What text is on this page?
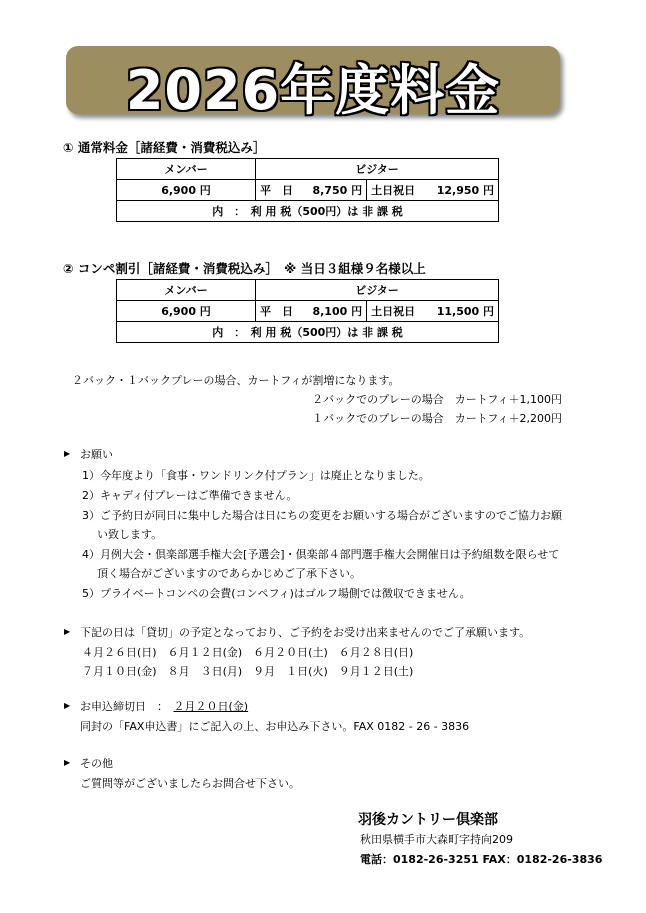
2026年度料金
① 通常料金［諸経費・消費税込み］
メンバー	ビジター			
6,900 円	平　日	8,750 円	土日祝日	12,950 円
内　：　利 用 税（500円）は 非 課 税				
② コンペ割引［諸経費・消費税込み］　※ 当日３組様９名様以上
メンバー	ビジター			
6,900 円	平　日	8,100 円	土日祝日	11,500 円
内　：　利 用 税（500円）は 非 課 税				
２バック・１バックプレーの場合、カートフィが割増になります。
２バックでのプレーの場合　カートフィ＋1,100円
１バックでのプレーの場合　カートフィ＋2,200円
▶ お願い
1）今年度より「食事・ワンドリンク付プラン」は廃止となりました。
2）キャディ付プレーはご準備できません。
3）ご予約日が同日に集中した場合は日にちの変更をお願いする場合がございますのでご協力お願
い致します。
4）月例大会・倶楽部選手権大会[予選会]・倶楽部４部門選手権大会開催日は予約組数を限らせて
頂く場合がございますのであらかじめご了承下さい。
5）プライベートコンペの会費(コンペフィ)はゴルフ場側では徴収できません。
▶ 下記の日は「貸切」の予定となっており、ご予約をお受け出来ませんのでご了承願います。
４月２６日(日)　６月１２日(金)　６月２０日(土)　６月２８日(日)
７月１０日(金)　８月　３日(月)　９月　１日(火)　９月１２日(土)
▶ お申込締切日　：　２月２０日(金)
同封の「FAX申込書」にご記入の上、お申込み下さい。FAX 0182 - 26 - 3836
▶ その他
ご質問等がございましたらお問合せ下さい。
羽後カントリー倶楽部
秋田県横手市大森町字持向209
電話：0182-26-3251 FAX：0182-26-3836
